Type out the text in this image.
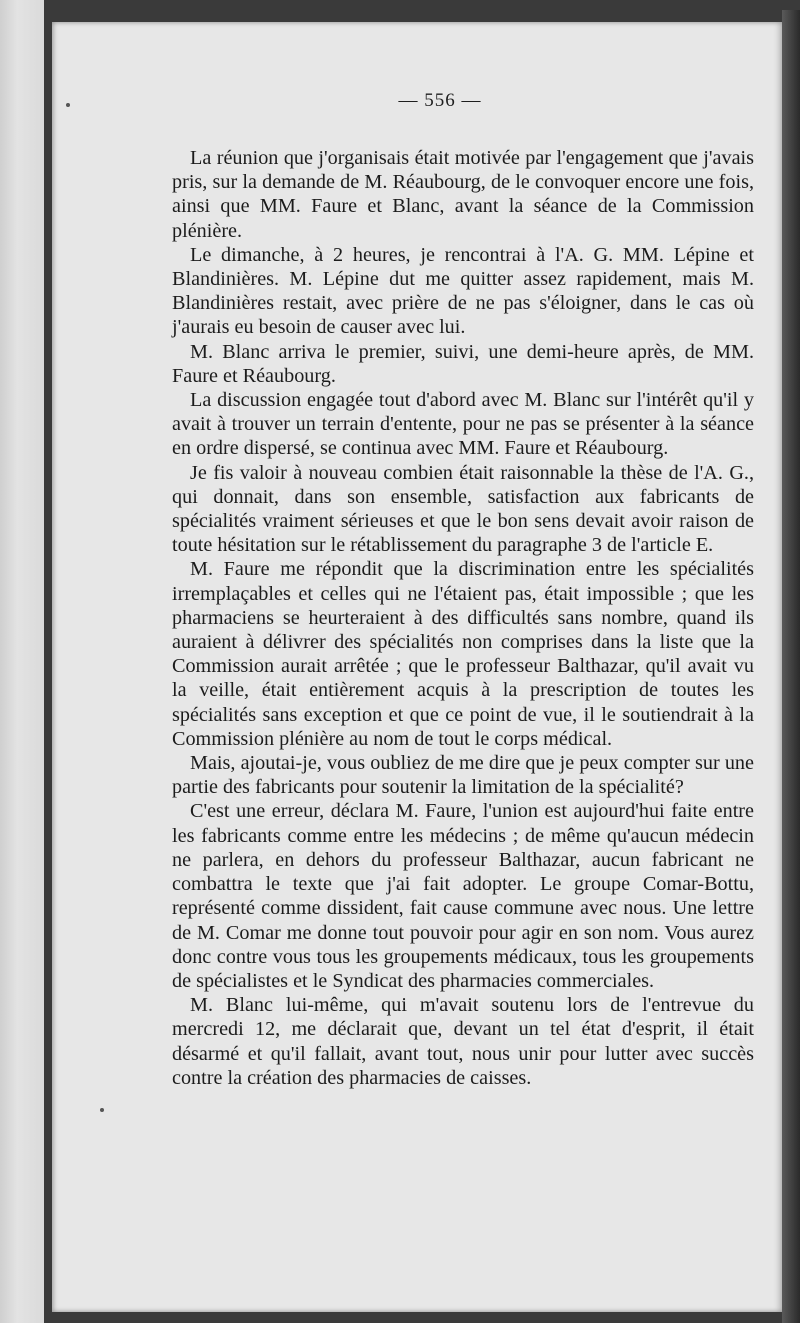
— 556 —

La réunion que j'organisais était motivée par l'engagement que j'avais pris, sur la demande de M. Réaubourg, de le convoquer encore une fois, ainsi que MM. Faure et Blanc, avant la séance de la Commission plénière.

Le dimanche, à 2 heures, je rencontrai à l'A. G. MM. Lépine et Blandinières. M. Lépine dut me quitter assez rapidement, mais M. Blandinières restait, avec prière de ne pas s'éloigner, dans le cas où j'aurais eu besoin de causer avec lui.

M. Blanc arriva le premier, suivi, une demi-heure après, de MM. Faure et Réaubourg.

La discussion engagée tout d'abord avec M. Blanc sur l'intérêt qu'il y avait à trouver un terrain d'entente, pour ne pas se présenter à la séance en ordre dispersé, se continua avec MM. Faure et Réaubourg.

Je fis valoir à nouveau combien était raisonnable la thèse de l'A. G., qui donnait, dans son ensemble, satisfaction aux fabricants de spécialités vraiment sérieuses et que le bon sens devait avoir raison de toute hésitation sur le rétablissement du paragraphe 3 de l'article E.

M. Faure me répondit que la discrimination entre les spécialités irremplaçables et celles qui ne l'étaient pas, était impossible ; que les pharmaciens se heurteraient à des difficultés sans nombre, quand ils auraient à délivrer des spécialités non comprises dans la liste que la Commission aurait arrêtée ; que le professeur Balthazar, qu'il avait vu la veille, était entièrement acquis à la prescription de toutes les spécialités sans exception et que ce point de vue, il le soutiendrait à la Commission plénière au nom de tout le corps médical.

Mais, ajoutai-je, vous oubliez de me dire que je peux compter sur une partie des fabricants pour soutenir la limitation de la spécialité?

C'est une erreur, déclara M. Faure, l'union est aujourd'hui faite entre les fabricants comme entre les médecins ; de même qu'aucun médecin ne parlera, en dehors du professeur Balthazar, aucun fabricant ne combattra le texte que j'ai fait adopter. Le groupe Comar-Bottu, représenté comme dissident, fait cause commune avec nous. Une lettre de M. Comar me donne tout pouvoir pour agir en son nom. Vous aurez donc contre vous tous les groupements médicaux, tous les groupements de spécialistes et le Syndicat des pharmacies commerciales.

M. Blanc lui-même, qui m'avait soutenu lors de l'entrevue du mercredi 12, me déclarait que, devant un tel état d'esprit, il était désarmé et qu'il fallait, avant tout, nous unir pour lutter avec succès contre la création des pharmacies de caisses.
